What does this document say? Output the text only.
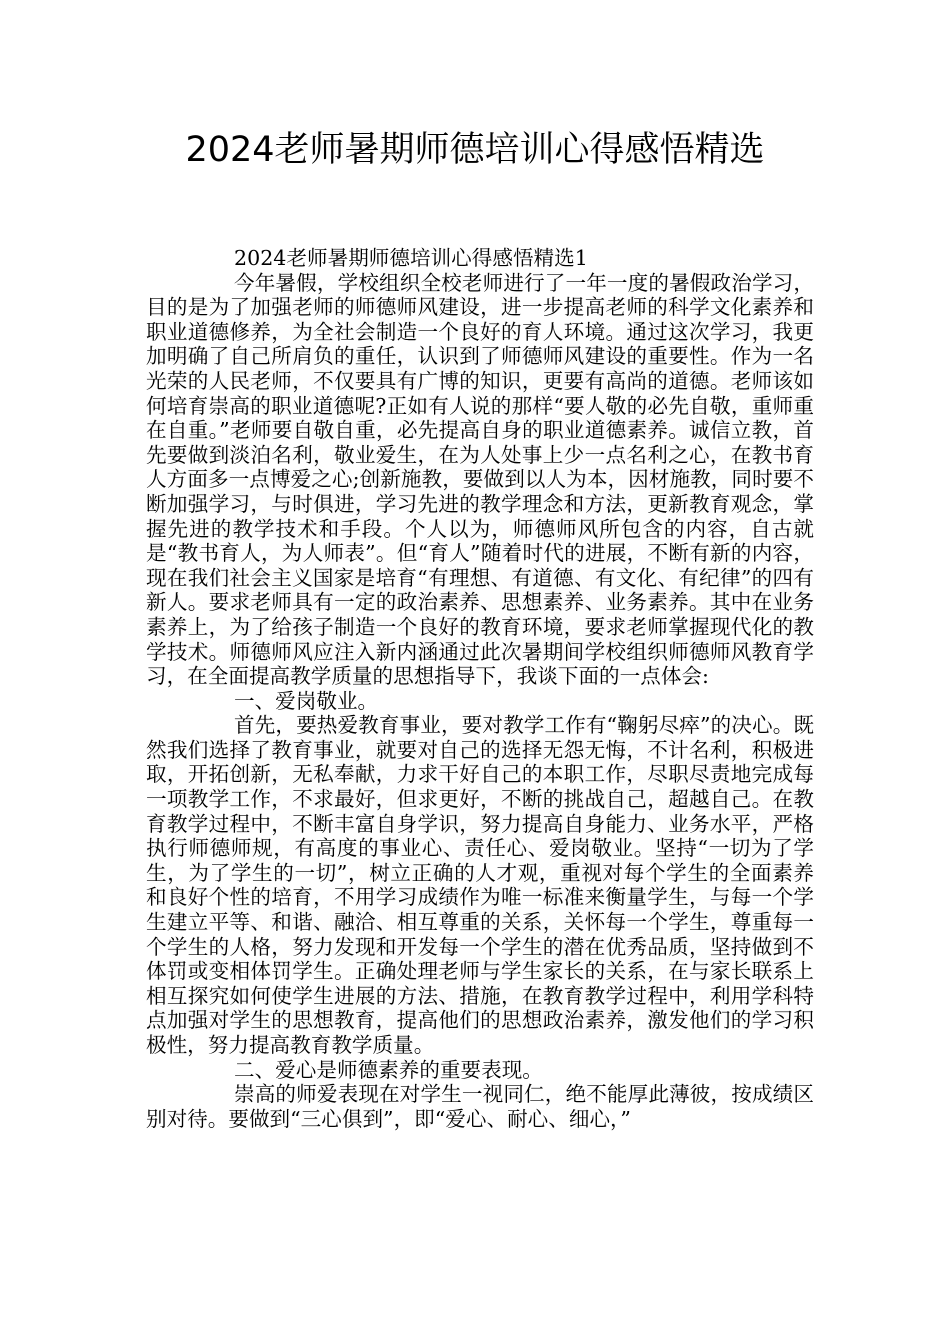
2024老师暑期师德培训心得感悟精选

2024老师暑期师德培训心得感悟精选1

今年暑假，学校组织全校老师进行了一年一度的暑假政治学习，目的是为了加强老师的师德师风建设，进一步提高老师的科学文化素养和职业道德修养，为全社会制造一个良好的育人环境。通过这次学习，我更加明确了自己所肩负的重任，认识到了师德师风建设的重要性。作为一名光荣的人民老师，不仅要具有广博的知识，更要有高尚的道德。老师该如何培育崇高的职业道德呢?正如有人说的那样“要人敬的必先自敬，重师重在自重。”老师要自敬自重，必先提高自身的职业道德素养。诚信立教，首先要做到淡泊名利，敬业爱生，在为人处事上少一点名利之心，在教书育人方面多一点博爱之心;创新施教，要做到以人为本，因材施教，同时要不断加强学习，与时俱进，学习先进的教学理念和方法，更新教育观念，掌握先进的教学技术和手段。个人以为，师德师风所包含的内容，自古就是“教书育人，为人师表”。但“育人”随着时代的进展，不断有新的内容，现在我们社会主义国家是培育“有理想、有道德、有文化、有纪律”的四有新人。要求老师具有一定的政治素养、思想素养、业务素养。其中在业务素养上，为了给孩子制造一个良好的教育环境，要求老师掌握现代化的教学技术。师德师风应注入新内涵通过此次暑期间学校组织师德师风教育学习，在全面提高教学质量的思想指导下，我谈下面的一点体会:

一、爱岗敬业。

首先，要热爱教育事业，要对教学工作有“鞠躬尽瘁”的决心。既然我们选择了教育事业，就要对自己的选择无怨无悔，不计名利，积极进取，开拓创新，无私奉献，力求干好自己的本职工作，尽职尽责地完成每一项教学工作，不求最好，但求更好，不断的挑战自己，超越自己。在教育教学过程中，不断丰富自身学识，努力提高自身能力、业务水平，严格执行师德师规，有高度的事业心、责任心、爱岗敬业。坚持“一切为了学生，为了学生的一切”，树立正确的人才观，重视对每个学生的全面素养和良好个性的培育，不用学习成绩作为唯一标准来衡量学生，与每一个学生建立平等、和谐、融洽、相互尊重的关系，关怀每一个学生，尊重每一个学生的人格，努力发现和开发每一个学生的潜在优秀品质，坚持做到不体罚或变相体罚学生。正确处理老师与学生家长的关系，在与家长联系上相互探究如何使学生进展的方法、措施，在教育教学过程中，利用学科特点加强对学生的思想教育，提高他们的思想政治素养，激发他们的学习积极性，努力提高教育教学质量。

二、爱心是师德素养的重要表现。

崇高的师爱表现在对学生一视同仁，绝不能厚此薄彼，按成绩区别对待。要做到“三心俱到”，即“爱心、耐心、细心，”
